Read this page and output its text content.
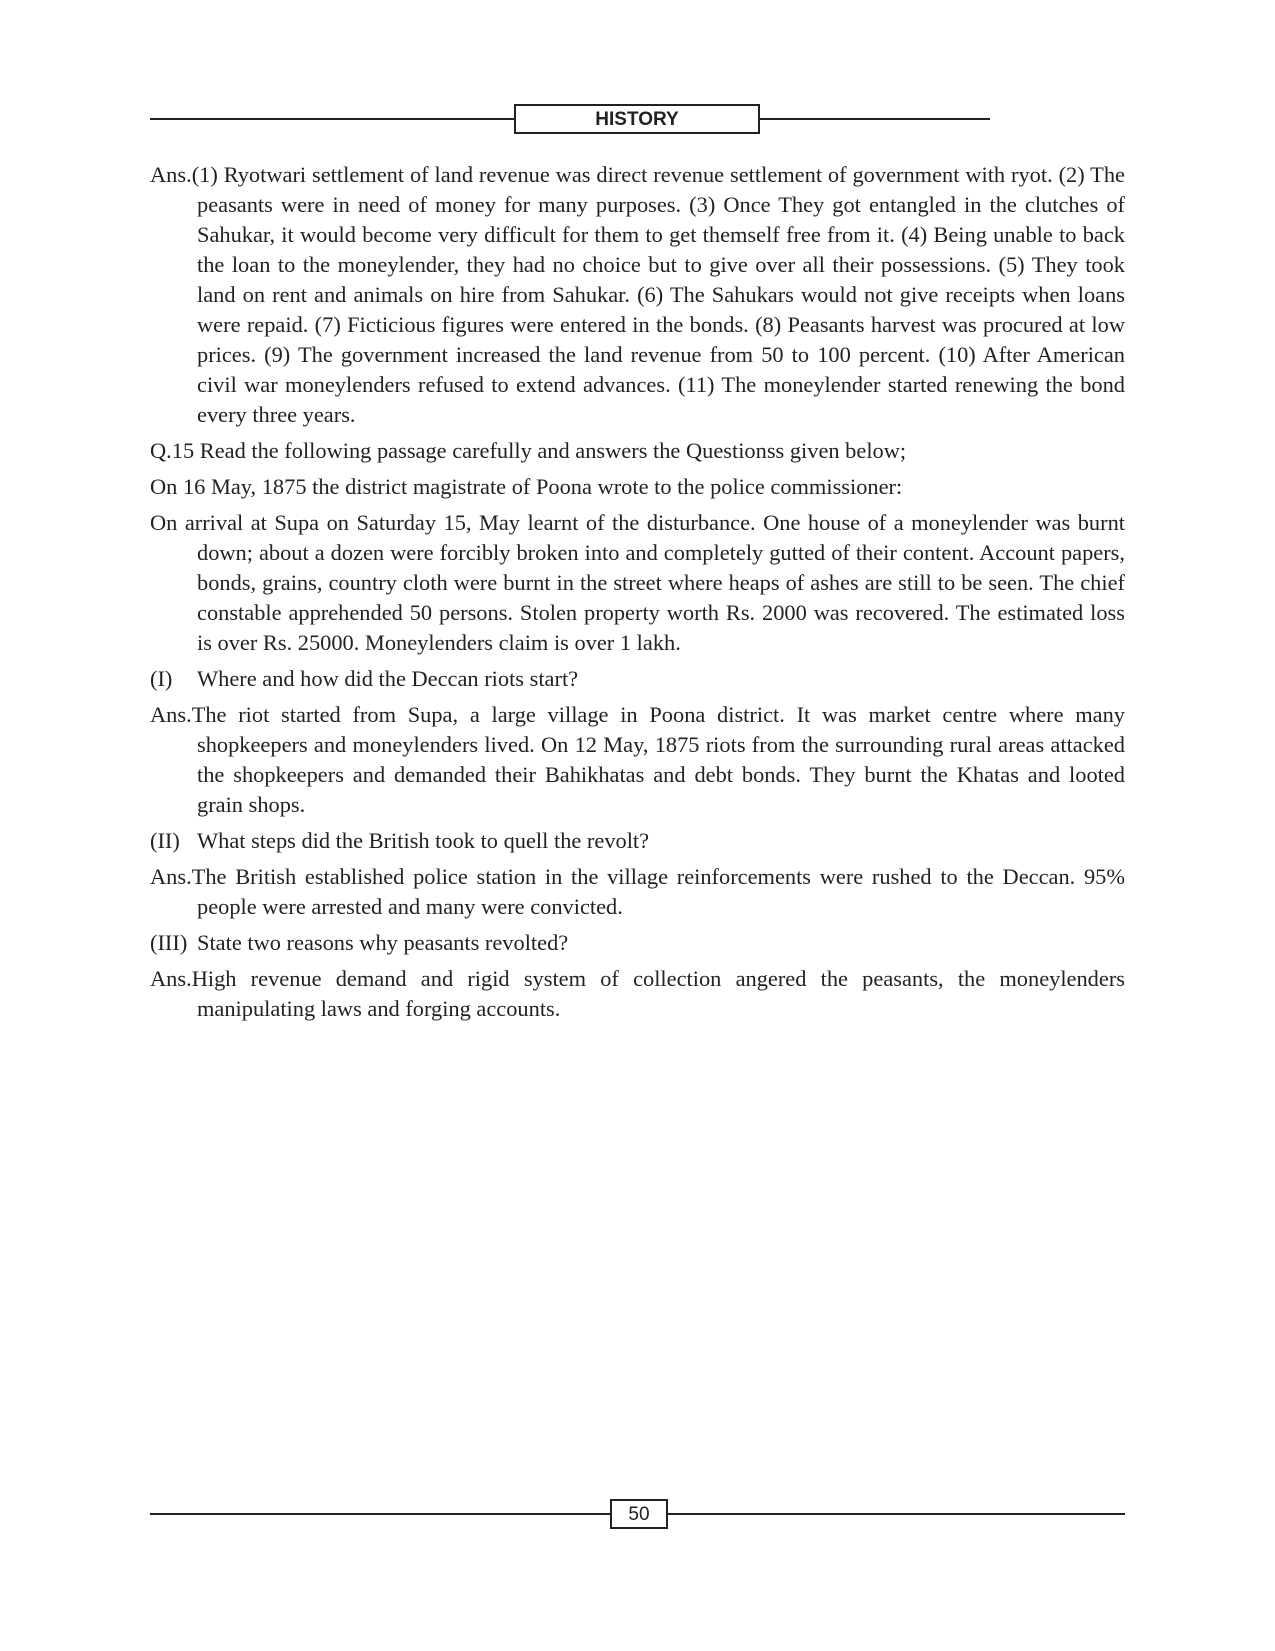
HISTORY

Ans.(1) Ryotwari settlement of land revenue was direct revenue settlement of government with ryot. (2) The peasants were in need of money for many purposes. (3) Once They got entangled in the clutches of Sahukar, it would become very difficult for them to get themself free from it. (4) Being unable to back the loan to the moneylender, they had no choice but to give over all their possessions. (5) They took land on rent and animals on hire from Sahukar. (6) The Sahukars would not give receipts when loans were repaid. (7) Ficticious figures were entered in the bonds. (8) Peasants harvest was procured at low prices. (9) The government increased the land revenue from 50 to 100 percent. (10) After American civil war moneylenders refused to extend advances. (11) The moneylender started renewing the bond every three years.

Q.15 Read the following passage carefully and answers the Questionss given below;

On 16 May, 1875 the district magistrate of Poona wrote to the police commissioner:

On arrival at Supa on Saturday 15, May learnt of the disturbance. One house of a moneylender was burnt down; about a dozen were forcibly broken into and completely gutted of their content. Account papers, bonds, grains, country cloth were burnt in the street where heaps of ashes are still to be seen. The chief constable apprehended 50 persons. Stolen property worth Rs. 2000 was recovered. The estimated loss is over Rs. 25000. Moneylenders claim is over 1 lakh.

(I) Where and how did the Deccan riots start?

Ans.The riot started from Supa, a large village in Poona district. It was market centre where many shopkeepers and moneylenders lived. On 12 May, 1875 riots from the surrounding rural areas attacked the shopkeepers and demanded their Bahikhatas and debt bonds. They burnt the Khatas and looted grain shops.

(II) What steps did the British took to quell the revolt?

Ans.The British established police station in the village reinforcements were rushed to the Deccan. 95% people were arrested and many were convicted.

(III) State two reasons why peasants revolted?

Ans.High revenue demand and rigid system of collection angered the peasants, the moneylenders manipulating laws and forging accounts.

50
